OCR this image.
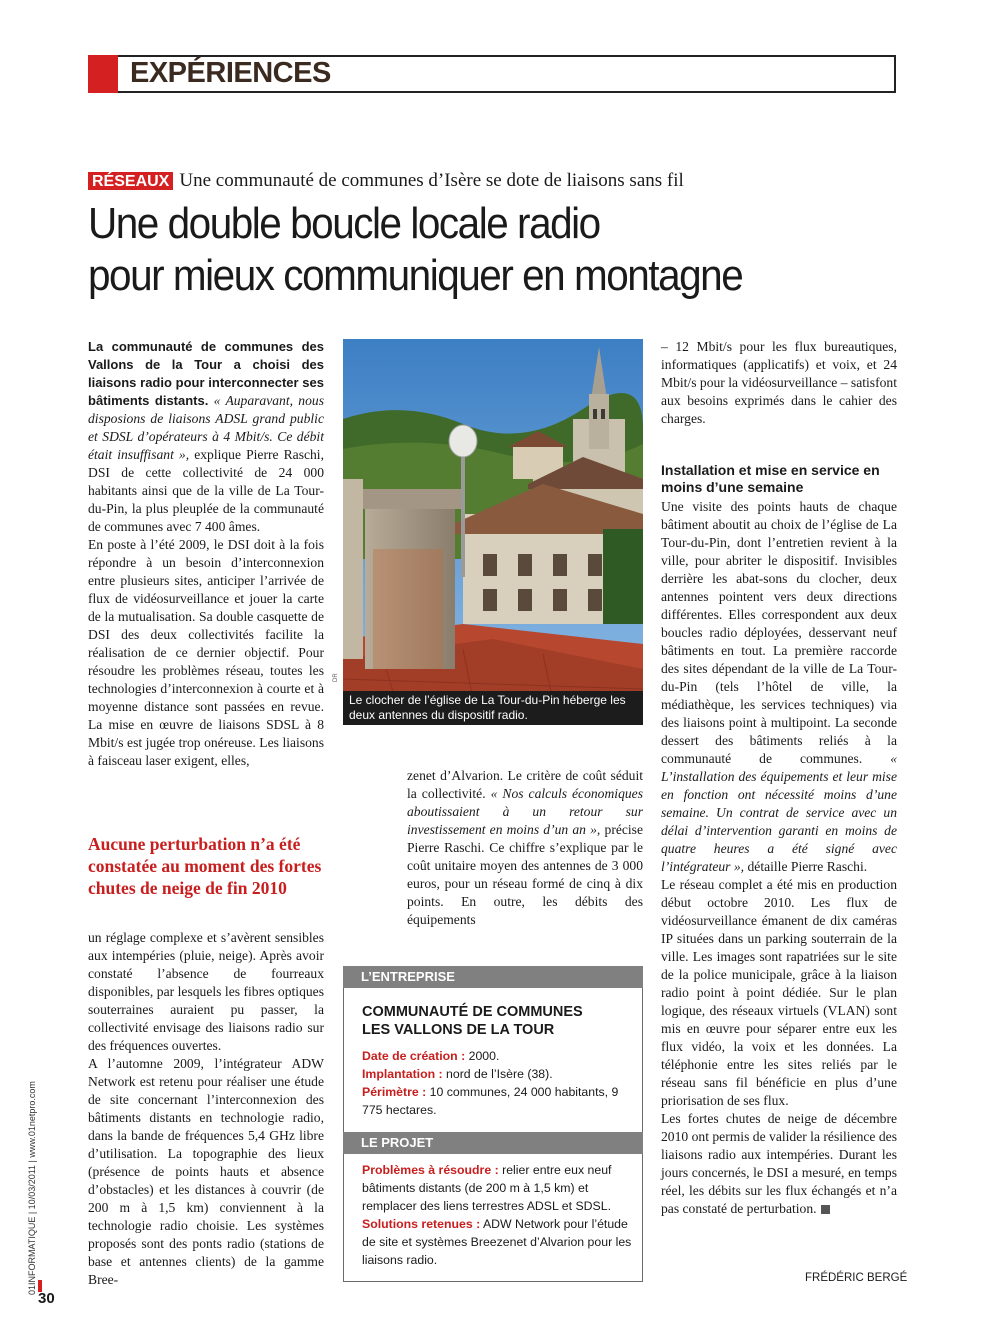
EXPÉRIENCES
RÉSEAUX Une communauté de communes d’Isère se dote de liaisons sans fil
Une double boucle locale radio
pour mieux communiquer en montagne

La communauté de communes des Vallons de la Tour a choisi des liaisons radio pour interconnecter ses bâtiments distants. « Auparavant, nous disposions de liaisons ADSL grand public et SDSL d’opérateurs à 4 Mbit/s. Ce débit était insuffisant », explique Pierre Raschi, DSI de cette collectivité de 24 000 habitants ainsi que de la ville de La Tour-du-Pin, la plus pleuplée de la communauté de communes avec 7 400 âmes.

En poste à l’été 2009, le DSI doit à la fois répondre à un besoin d’interconnexion entre plusieurs sites, anticiper l’arrivée de flux de vidéosurveillance et jouer la carte de la mutualisation. Sa double casquette de DSI des deux collectivités facilite la réalisation de ce dernier objectif. Pour résoudre les problèmes réseau, toutes les technologies d’interconnexion à courte et à moyenne distance sont passées en revue. La mise en œuvre de liaisons SDSL à 8 Mbit/s est jugée trop onéreuse. Les liaisons à faisceau laser exigent, elles,

Aucune perturbation n’a été constatée au moment des fortes chutes de neige de fin 2010

un réglage complexe et s’avèrent sensibles aux intempéries (pluie, neige). Après avoir constaté l’absence de fourreaux disponibles, par lesquels les fibres optiques souterraines auraient pu passer, la collectivité envisage des liaisons radio sur des fréquences ouvertes.

A l’automne 2009, l’intégrateur ADW Network est retenu pour réaliser une étude de site concernant l’interconnexion des bâtiments distants en technologie radio, dans la bande de fréquences 5,4 GHz libre d’utilisation. La topographie des lieux (présence de points hauts et absence d’obstacles) et les distances à couvrir (de 200 m à 1,5 km) conviennent à la technologie radio choisie. Les systèmes proposés sont des ponts radio (stations de base et antennes clients) de la gamme Bree-

DR
Le clocher de l’église de La Tour-du-Pin héberge les deux antennes du dispositif radio.

zenet d’Alvarion. Le critère de coût séduit la collectivité. « Nos calculs économiques aboutissaient à un retour sur investissement en moins d’un an », précise Pierre Raschi. Ce chiffre s’explique par le coût unitaire moyen des antennes de 3 000 euros, pour un réseau formé de cinq à dix points. En outre, les débits des équipements

L’ENTREPRISE
COMMUNAUTÉ DE COMMUNES
LES VALLONS DE LA TOUR
Date de création : 2000.
Implantation : nord de l’Isère (38).
Périmètre : 10 communes, 24 000 habitants, 9 775 hectares.
LE PROJET
Problèmes à résoudre : relier entre eux neuf bâtiments distants (de 200 m à 1,5 km) et remplacer des liens terrestres ADSL et SDSL.
Solutions retenues : ADW Network pour l’étude de site et systèmes Breezenet d’Alvarion pour les liaisons radio.

– 12 Mbit/s pour les flux bureautiques, informatiques (applicatifs) et voix, et 24 Mbit/s pour la vidéosurveillance – satisfont aux besoins exprimés dans le cahier des charges.

Installation et mise en service en moins d’une semaine

Une visite des points hauts de chaque bâtiment aboutit au choix de l’église de La Tour-du-Pin, dont l’entretien revient à la ville, pour abriter le dispositif. Invisibles derrière les abat-sons du clocher, deux antennes pointent vers deux directions différentes. Elles correspondent aux deux boucles radio déployées, desservant neuf bâtiments en tout. La première raccorde des sites dépendant de la ville de La Tour-du-Pin (tels l’hôtel de ville, la médiathèque, les services techniques) via des liaisons point à multipoint. La seconde dessert des bâtiments reliés à la communauté de communes. « L’installation des équipements et leur mise en fonction ont nécessité moins d’une semaine. Un contrat de service avec un délai d’intervention garanti en moins de quatre heures a été signé avec l’intégrateur », détaille Pierre Raschi.

Le réseau complet a été mis en production début octobre 2010. Les flux de vidéosurveillance émanent de dix caméras IP situées dans un parking souterrain de la ville. Les images sont rapatriées sur le site de la police municipale, grâce à la liaison radio point à point dédiée. Sur le plan logique, des réseaux virtuels (VLAN) sont mis en œuvre pour séparer entre eux les flux vidéo, la voix et les données. La téléphonie entre les sites reliés par le réseau sans fil bénéficie en plus d’une priorisation de ses flux.

Les fortes chutes de neige de décembre 2010 ont permis de valider la résilience des liaisons radio aux intempéries. Durant les jours concernés, le DSI a mesuré, en temps réel, les débits sur les flux échangés et n’a pas constaté de perturbation.

FRÉDÉRIC BERGÉ
01INFORMATIQUE | 10/03/2011 | www.01netpro.com
30
